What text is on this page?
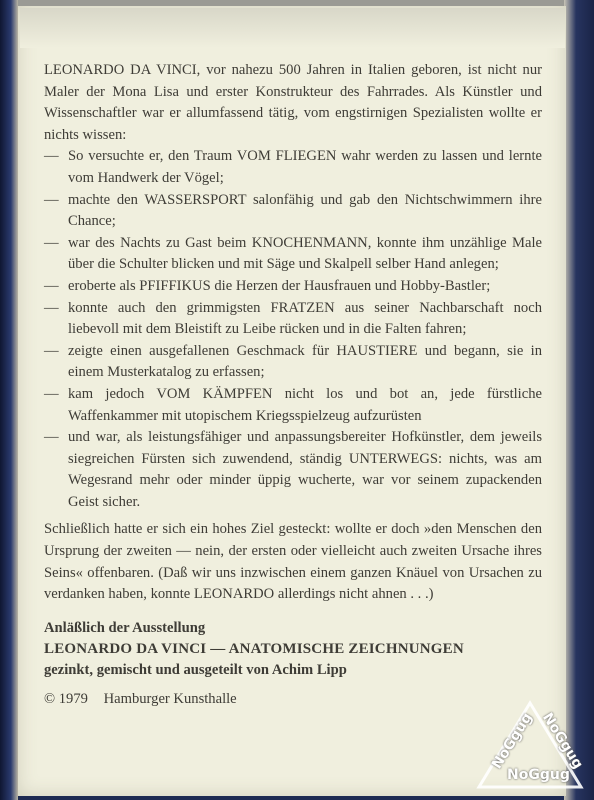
LEONARDO DA VINCI, vor nahezu 500 Jahren in Italien geboren, ist nicht nur Maler der Mona Lisa und erster Konstrukteur des Fahrrades. Als Künstler und Wissenschaftler war er allumfassend tätig, vom engstirnigen Spezialisten wollte er nichts wissen:

— So versuchte er, den Traum VOM FLIEGEN wahr werden zu lassen und lernte vom Handwerk der Vögel;

— machte den WASSERSPORT salonfähig und gab den Nichtschwimmern ihre Chance;

— war des Nachts zu Gast beim KNOCHENMANN, konnte ihm unzählige Male über die Schulter blicken und mit Säge und Skalpell selber Hand anlegen;

— eroberte als PFIFFIKUS die Herzen der Hausfrauen und Hobby-Bastler;

— konnte auch den grimmigsten FRATZEN aus seiner Nachbarschaft noch liebevoll mit dem Bleistift zu Leibe rücken und in die Falten fahren;

— zeigte einen ausgefallenen Geschmack für HAUSTIERE und begann, sie in einem Musterkatalog zu erfassen;

— kam jedoch VOM KÄMPFEN nicht los und bot an, jede fürstliche Waffenkammer mit utopischem Kriegsspielzeug aufzurüsten

— und war, als leistungsfähiger und anpassungsbereiter Hofkünstler, dem jeweils siegreichen Fürsten sich zuwendend, ständig UNTERWEGS: nichts, was am Wegesrand mehr oder minder üppig wucherte, war vor seinem zupackenden Geist sicher.

Schließlich hatte er sich ein hohes Ziel gesteckt: wollte er doch »den Menschen den Ursprung der zweiten — nein, der ersten oder vielleicht auch zweiten Ursache ihres Seins« offenbaren. (Daß wir uns inzwischen einem ganzen Knäuel von Ursachen zu verdanken haben, konnte LEONARDO allerdings nicht ahnen . . .)

Anläßlich der Ausstellung
LEONARDO DA VINCI — ANATOMISCHE ZEICHNUNGEN
gezinkt, gemischt und ausgeteilt von Achim Lipp
© 1979 Hamburger Kunsthalle
NoGgug NoGgug
NoGgug
